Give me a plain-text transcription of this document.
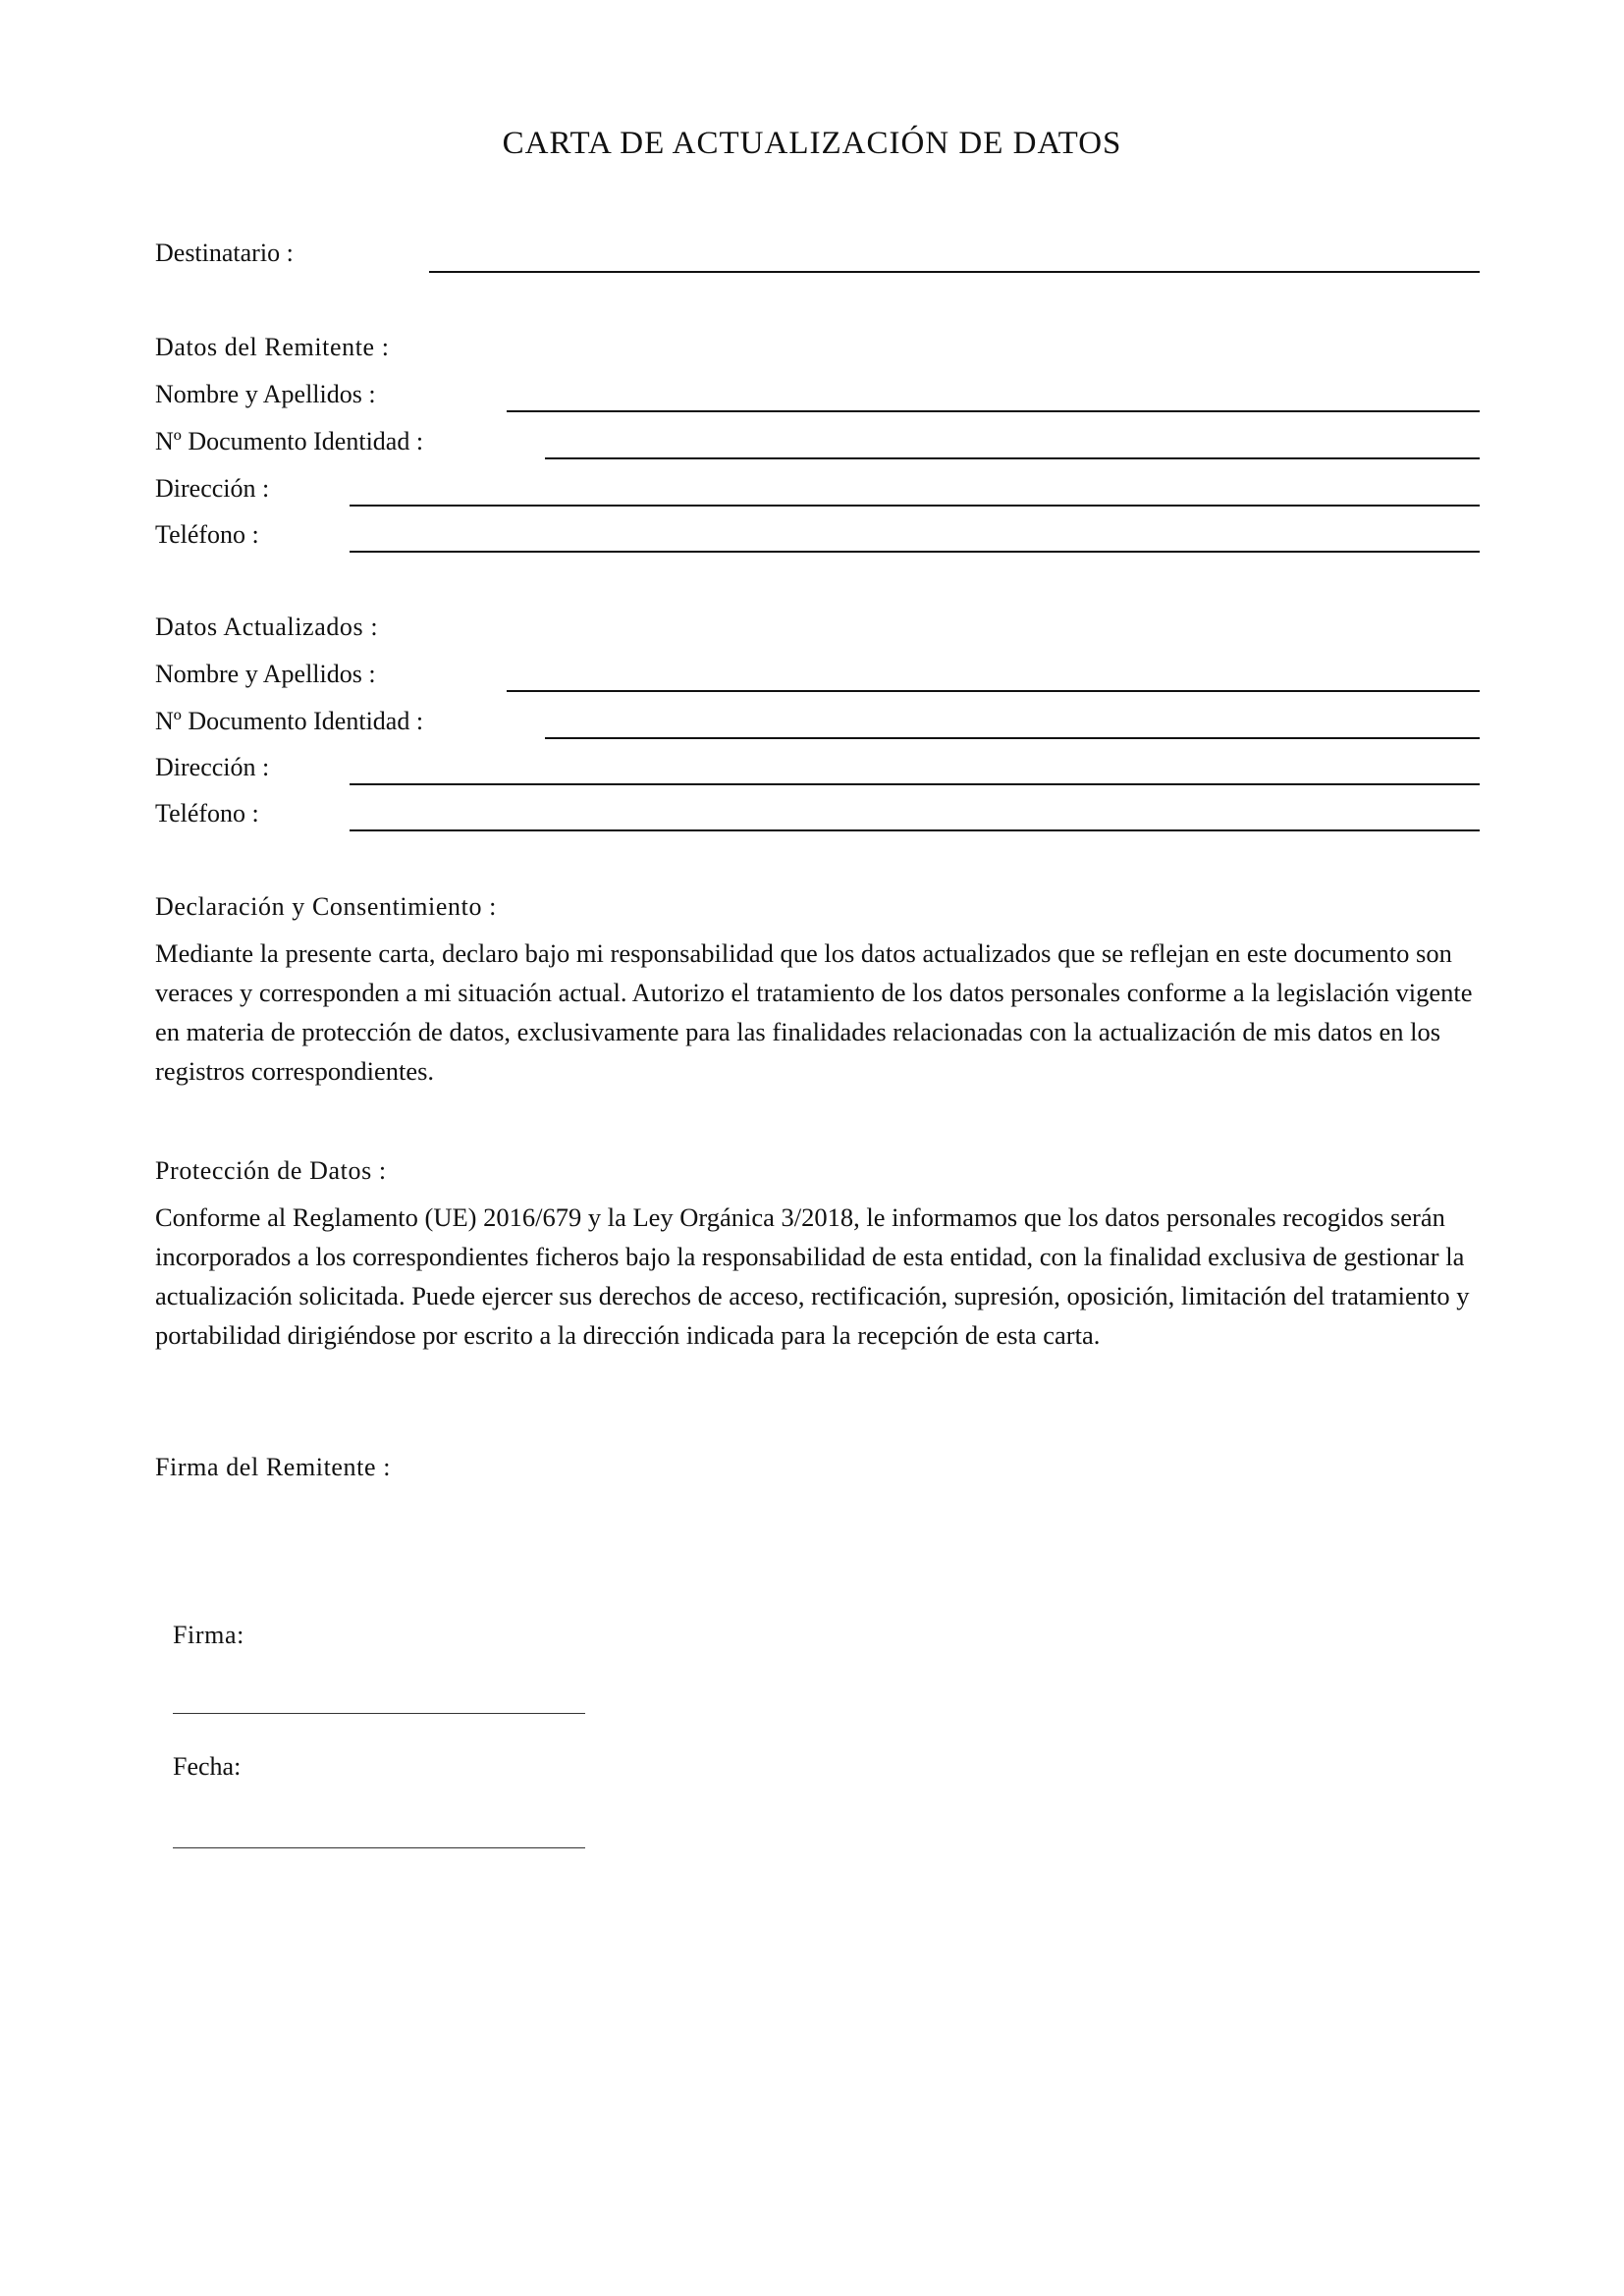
CARTA DE ACTUALIZACIÓN DE DATOS
Destinatario :
Datos del Remitente :
Nombre y Apellidos :
Nº Documento Identidad :
Dirección :
Teléfono :
Datos Actualizados :
Nombre y Apellidos :
Nº Documento Identidad :
Dirección :
Teléfono :
Declaración y Consentimiento :
Mediante la presente carta, declaro bajo mi responsabilidad que los datos actualizados que se reflejan en este documento son veraces y corresponden a mi situación actual. Autorizo el tratamiento de los datos personales conforme a la legislación vigente en materia de protección de datos, exclusivamente para las finalidades relacionadas con la actualización de mis datos en los registros correspondientes.
Protección de Datos :
Conforme al Reglamento (UE) 2016/679 y la Ley Orgánica 3/2018, le informamos que los datos personales recogidos serán incorporados a los correspondientes ficheros bajo la responsabilidad de esta entidad, con la finalidad exclusiva de gestionar la actualización solicitada. Puede ejercer sus derechos de acceso, rectificación, supresión, oposición, limitación del tratamiento y portabilidad dirigiéndose por escrito a la dirección indicada para la recepción de esta carta.
Firma del Remitente :
Firma:
Fecha:
